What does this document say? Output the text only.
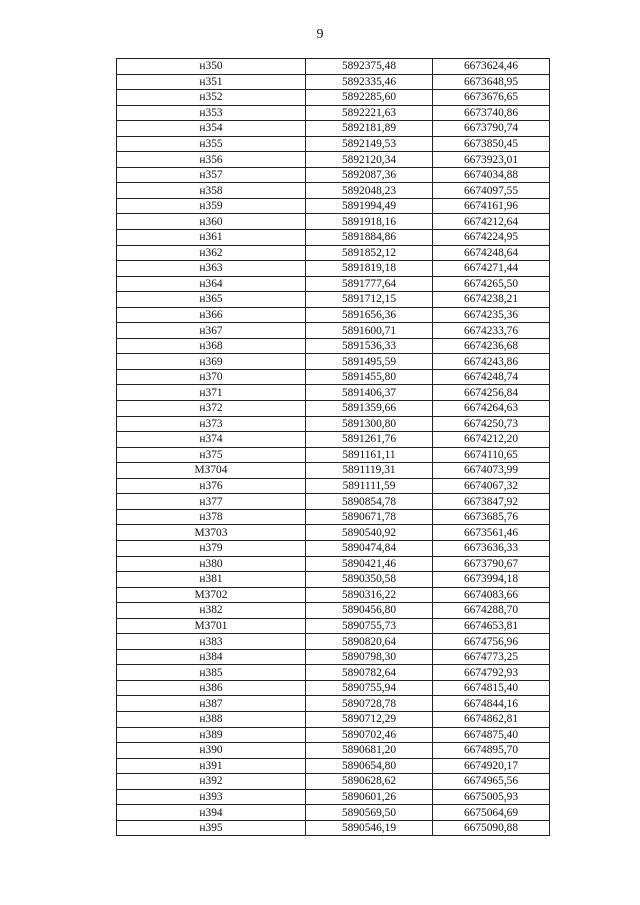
9
н350	5892375,48	6673624,46
н351	5892335,46	6673648,95
н352	5892285,60	6673676,65
н353	5892221,63	6673740,86
н354	5892181,89	6673790,74
н355	5892149,53	6673850,45
н356	5892120,34	6673923,01
н357	5892087,36	6674034,88
н358	5892048,23	6674097,55
н359	5891994,49	6674161,96
н360	5891918,16	6674212,64
н361	5891884,86	6674224,95
н362	5891852,12	6674248,64
н363	5891819,18	6674271,44
н364	5891777,64	6674265,50
н365	5891712,15	6674238,21
н366	5891656,36	6674235,36
н367	5891600,71	6674233,76
н368	5891536,33	6674236,68
н369	5891495,59	6674243,86
н370	5891455,80	6674248,74
н371	5891406,37	6674256,84
н372	5891359,66	6674264,63
н373	5891300,80	6674250,73
н374	5891261,76	6674212,20
н375	5891161,11	6674110,65
МЗ704	5891119,31	6674073,99
н376	5891111,59	6674067,32
н377	5890854,78	6673847,92
н378	5890671,78	6673685,76
МЗ703	5890540,92	6673561,46
н379	5890474,84	6673636,33
н380	5890421,46	6673790,67
н381	5890350,58	6673994,18
МЗ702	5890316,22	6674083,66
н382	5890456,80	6674288,70
МЗ701	5890755,73	6674653,81
н383	5890820,64	6674756,96
н384	5890798,30	6674773,25
н385	5890782,64	6674792,93
н386	5890755,94	6674815,40
н387	5890728,78	6674844,16
н388	5890712,29	6674862,81
н389	5890702,46	6674875,40
н390	5890681,20	6674895,70
н391	5890654,80	6674920,17
н392	5890628,62	6674965,56
н393	5890601,26	6675005,93
н394	5890569,50	6675064,69
н395	5890546,19	6675090,88
